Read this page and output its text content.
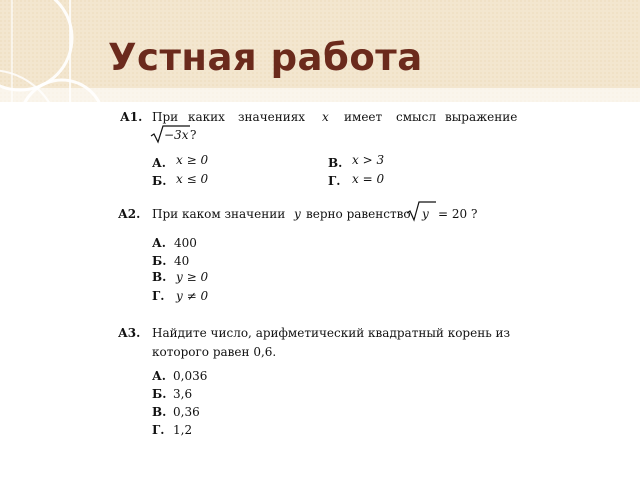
Устная работа
А1. При каких значениях x имеет смысл выражение
−3x ?
А. x ≥ 0
Б. x ≤ 0
В. x > 3
Г. x = 0
А2. При каком значении y верно равенство y = 20 ?
А. 400
Б. 40
В. y ≥ 0
Г. y ≠ 0
А3. Найдите число, арифметический квадратный корень из
которого равен 0,6.
А. 0,036
Б. 3,6
В. 0,36
Г. 1,2
